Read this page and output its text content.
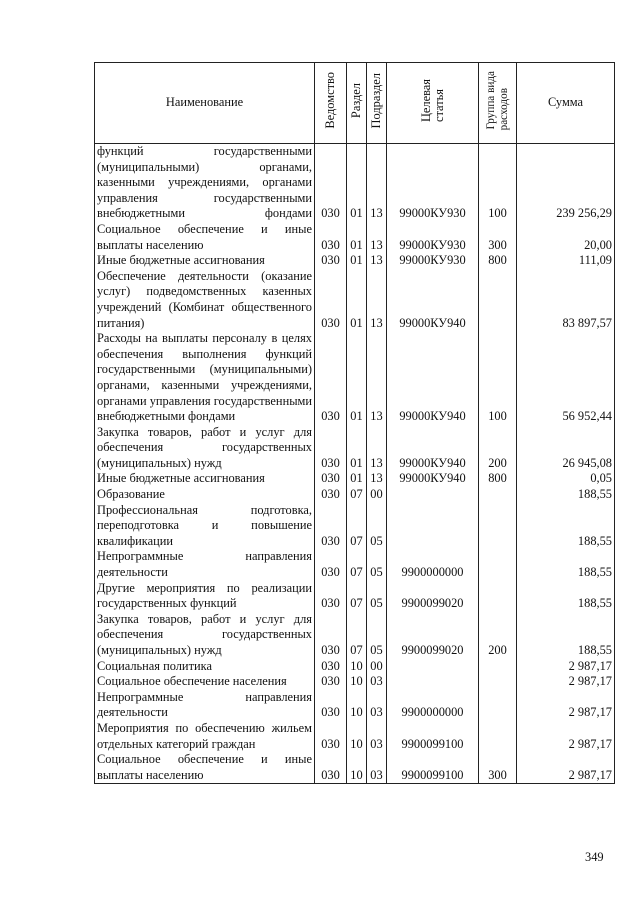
Наименование	Ведомство	Раздел	Подраздел	Целеваястатья	Группа видарасходов	Сумма
функций государственными (муниципальными) органами, казенными учреждениями, органами управления государственными внебюджетными фондами	030	01	13	99000КУ930	100	239 256,29
Социальное обеспечение и иные выплаты населению	030	01	13	99000КУ930	300	20,00
Иные бюджетные ассигнования	030	01	13	99000КУ930	800	111,09
Обеспечение деятельности (оказание услуг) подведомственных казенных учреждений (Комбинат общественного питания)	030	01	13	99000КУ940		83 897,57
Расходы на выплаты персоналу в целях обеспечения выполнения функций государственными (муниципальными) органами, казенными учреждениями, органами управления государственными внебюджетными фондами	030	01	13	99000КУ940	100	56 952,44
Закупка товаров, работ и услуг для обеспечения государственных (муниципальных) нужд	030	01	13	99000КУ940	200	26 945,08
Иные бюджетные ассигнования	030	01	13	99000КУ940	800	0,05
Образование	030	07	00			188,55
Профессиональная подготовка, переподготовка и повышение квалификации	030	07	05			188,55
Непрограммные направления деятельности	030	07	05	9900000000		188,55
Другие мероприятия по реализации государственных функций	030	07	05	9900099020		188,55
Закупка товаров, работ и услуг для обеспечения государственных (муниципальных) нужд	030	07	05	9900099020	200	188,55
Социальная политика	030	10	00			2 987,17
Социальное обеспечение населения	030	10	03			2 987,17
Непрограммные направления деятельности	030	10	03	9900000000		2 987,17
Мероприятия по обеспечению жильем отдельных категорий граждан	030	10	03	9900099100		2 987,17
Социальное обеспечение и иные выплаты населению	030	10	03	9900099100	300	2 987,17
349
